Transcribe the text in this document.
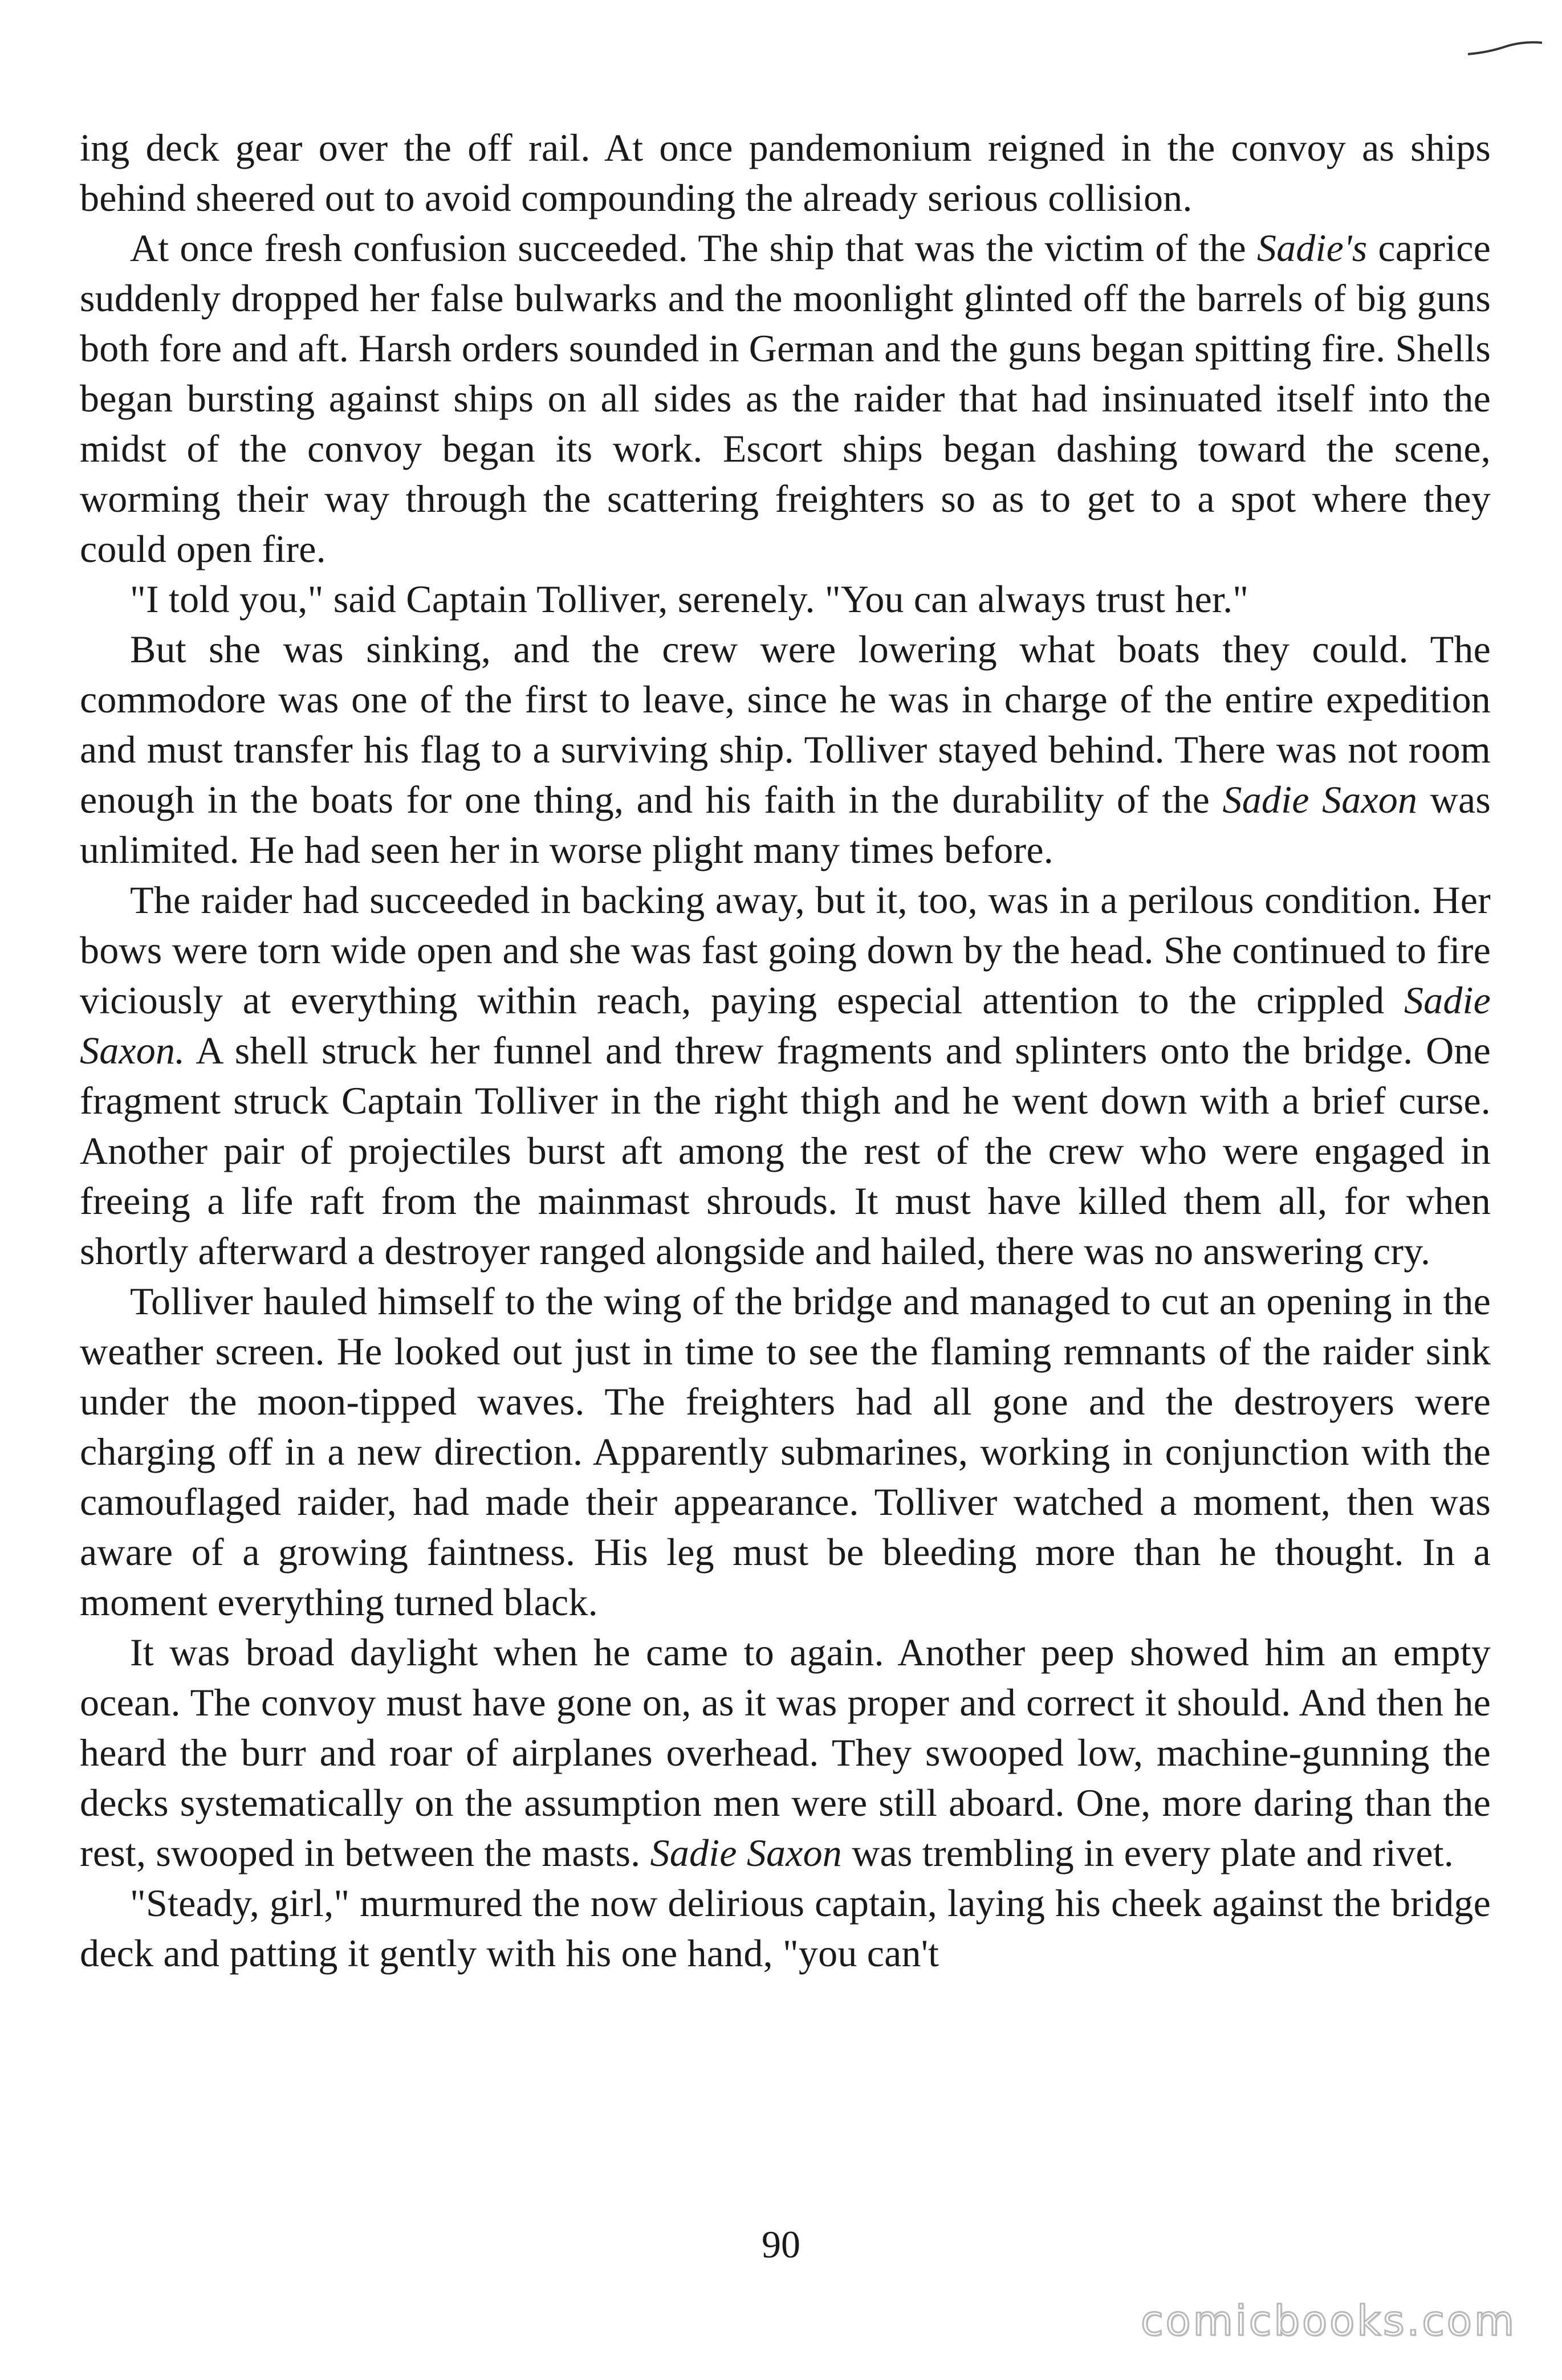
ing deck gear over the off rail. At once pandemonium reigned in the convoy as ships behind sheered out to avoid compounding the already serious collision.

At once fresh confusion succeeded. The ship that was the victim of the Sadie's caprice suddenly dropped her false bulwarks and the moonlight glinted off the barrels of big guns both fore and aft. Harsh orders sounded in German and the guns began spitting fire. Shells began bursting against ships on all sides as the raider that had insinuated itself into the midst of the convoy began its work. Escort ships began dashing toward the scene, worming their way through the scattering freighters so as to get to a spot where they could open fire.

"I told you," said Captain Tolliver, serenely. "You can always trust her."

But she was sinking, and the crew were lowering what boats they could. The commodore was one of the first to leave, since he was in charge of the entire expedition and must transfer his flag to a surviving ship. Tolliver stayed behind. There was not room enough in the boats for one thing, and his faith in the durability of the Sadie Saxon was unlimited. He had seen her in worse plight many times before.

The raider had succeeded in backing away, but it, too, was in a perilous condition. Her bows were torn wide open and she was fast going down by the head. She continued to fire viciously at everything within reach, paying especial attention to the crippled Sadie Saxon. A shell struck her funnel and threw fragments and splinters onto the bridge. One fragment struck Captain Tolliver in the right thigh and he went down with a brief curse. Another pair of projectiles burst aft among the rest of the crew who were engaged in freeing a life raft from the mainmast shrouds. It must have killed them all, for when shortly afterward a destroyer ranged alongside and hailed, there was no answering cry.

Tolliver hauled himself to the wing of the bridge and managed to cut an opening in the weather screen. He looked out just in time to see the flaming remnants of the raider sink under the moon-tipped waves. The freighters had all gone and the destroyers were charging off in a new direction. Apparently submarines, working in conjunction with the camouflaged raider, had made their appearance. Tolliver watched a moment, then was aware of a growing faintness. His leg must be bleeding more than he thought. In a moment everything turned black.

It was broad daylight when he came to again. Another peep showed him an empty ocean. The convoy must have gone on, as it was proper and correct it should. And then he heard the burr and roar of airplanes overhead. They swooped low, machine-gunning the decks systematically on the assumption men were still aboard. One, more daring than the rest, swooped in between the masts. Sadie Saxon was trembling in every plate and rivet.

"Steady, girl," murmured the now delirious captain, laying his cheek against the bridge deck and patting it gently with his one hand, "you can't

90
comicbooks.com
